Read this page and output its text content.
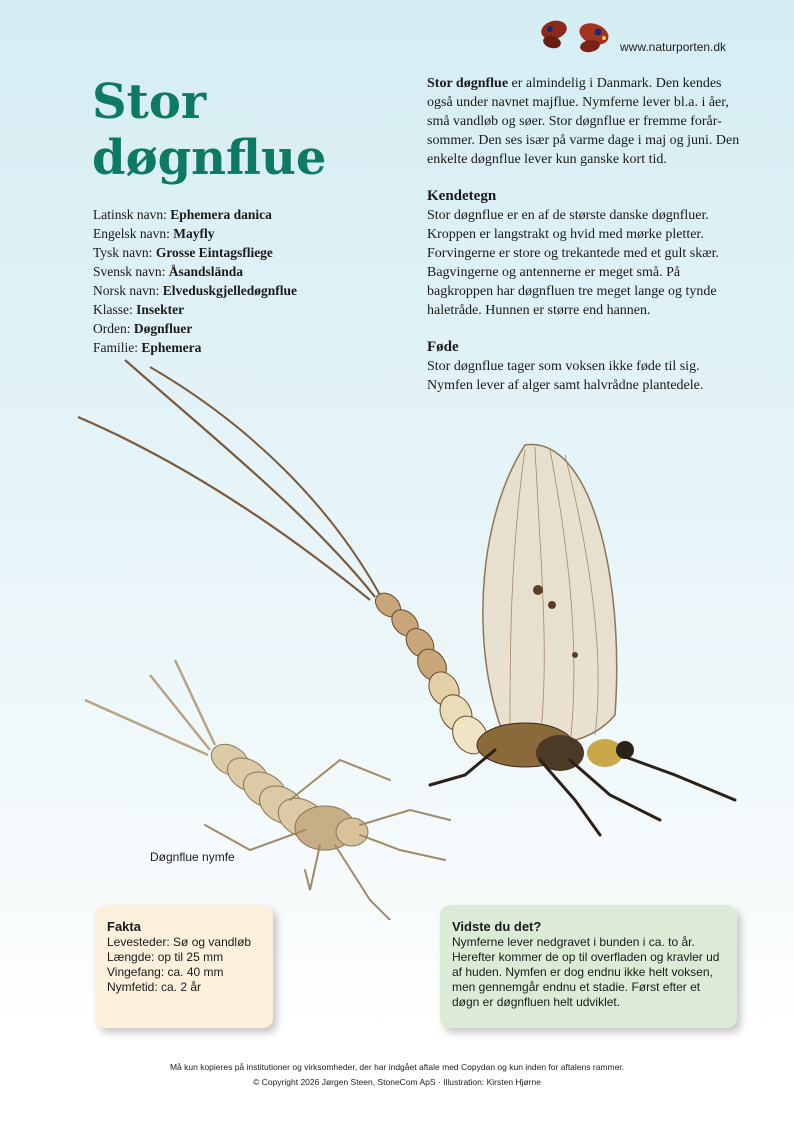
www.naturporten.dk
Stor
døgnflue
Latinsk navn: Ephemera danica
Engelsk navn: Mayfly
Tysk navn: Grosse Eintagsfliege
Svensk navn: Åsandsländа
Norsk navn: Elveduskgjelledøgnflue
Klasse: Insekter
Orden: Døgnfluer
Familie: Ephemera

Stor døgnflue er almindelig i Danmark. Den kendes også under navnet majflue. Nymferne lever bl.a. i åer, små vandløb og søer. Stor døgnflue er fremme forår-sommer. Den ses især på varme dage i maj og juni. Den enkelte døgnflue lever kun ganske kort tid.

Kendetegn

Stor døgnflue er en af de største danske døgnfluer. Kroppen er langstrakt og hvid med mørke pletter. Forvingerne er store og trekantede med et gult skær. Bagvingerne og antennerne er meget små. På bagkroppen har døgnfluen tre meget lange og tynde haletråde. Hunnen er større end hannen.

Føde

Stor døgnflue tager som voksen ikke føde til sig. Nymfen lever af alger samt halvrådne plantedele.

Døgnflue nymfe
Fakta
Levesteder: Sø og vandløb
Længde: op til 25 mm
Vingefang: ca. 40 mm
Nymfetid: ca. 2 år
Vidste du det?
Nymferne lever nedgravet i bunden i ca. to år. Herefter kommer de op til overfladen og kravler ud af huden. Nymfen er dog endnu ikke helt voksen, men gennemgår endnu et stadie. Først efter et døgn er døgnfluen helt udviklet.
Må kun kopieres på institutioner og virksomheder, der har indgået aftale med Copydan og kun inden for aftalens rammer.
© Copyright 2026 Jørgen Steen, StoneCom ApS · Illustration: Kirsten Hjørne
